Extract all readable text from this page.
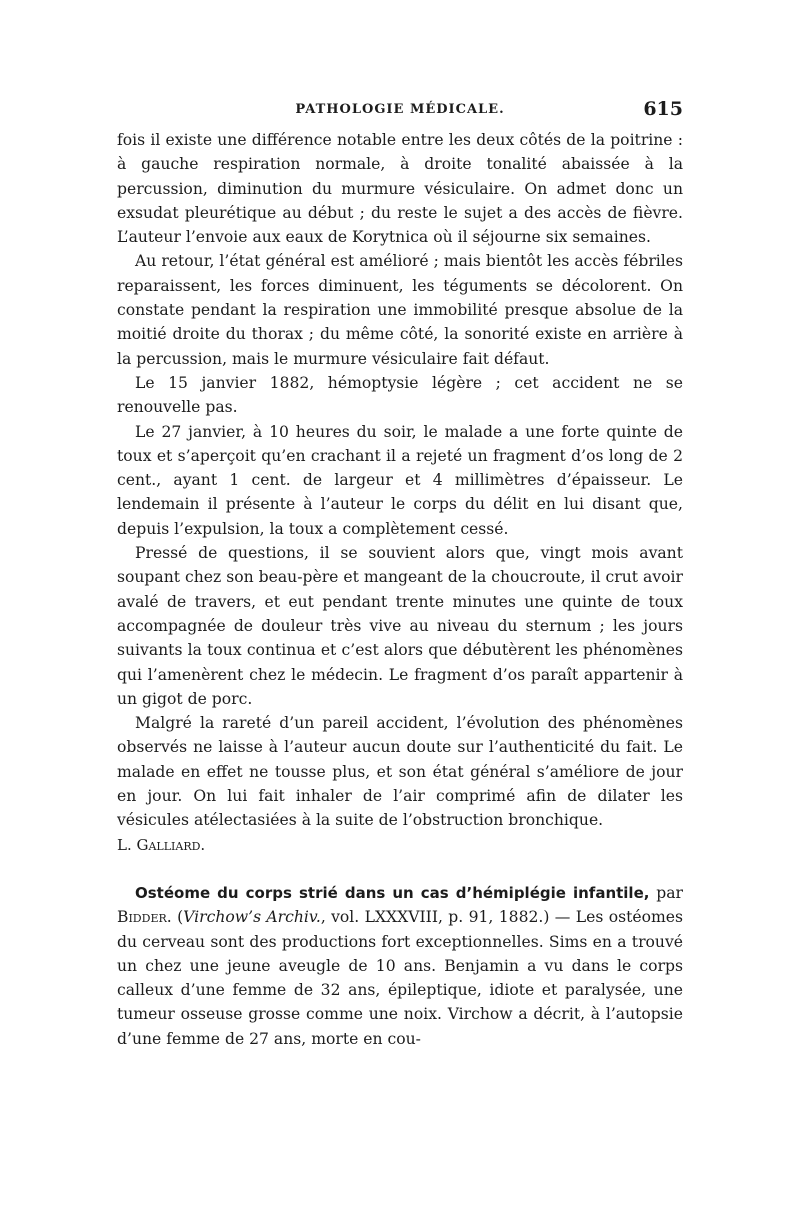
PATHOLOGIE MÉDICALE.	615

fois il existe une différence notable entre les deux côtés de la poitrine : à gauche respiration normale, à droite tonalité abaissée à la percussion, diminution du murmure vésiculaire. On admet donc un exsudat pleurétique au début ; du reste le sujet a des accès de fièvre. L’auteur l’envoie aux eaux de Korytnica où il séjourne six semaines.

Au retour, l’état général est amélioré ; mais bientôt les accès fébriles reparaissent, les forces diminuent, les téguments se décolorent. On constate pendant la respiration une immobilité presque absolue de la moitié droite du thorax ; du même côté, la sonorité existe en arrière à la percussion, mais le murmure vésiculaire fait défaut.

Le 15 janvier 1882, hémoptysie légère ; cet accident ne se renouvelle pas.

Le 27 janvier, à 10 heures du soir, le malade a une forte quinte de toux et s’aperçoit qu’en crachant il a rejeté un fragment d’os long de 2 cent., ayant 1 cent. de largeur et 4 millimètres d’épaisseur. Le lendemain il présente à l’auteur le corps du délit en lui disant que, depuis l’expulsion, la toux a complètement cessé.

Pressé de questions, il se souvient alors que, vingt mois avant soupant chez son beau-père et mangeant de la choucroute, il crut avoir avalé de travers, et eut pendant trente minutes une quinte de toux accompagnée de douleur très vive au niveau du sternum ; les jours suivants la toux continua et c’est alors que débutèrent les phénomènes qui l’amenèrent chez le médecin. Le fragment d’os paraît appartenir à un gigot de porc.

Malgré la rareté d’un pareil accident, l’évolution des phénomènes observés ne laisse à l’auteur aucun doute sur l’authenticité du fait. Le malade en effet ne tousse plus, et son état général s’améliore de jour en jour. On lui fait inhaler de l’air comprimé afin de dilater les vésicules atélectasiées à la suite de l’obstruction bronchique.

L. Galliard.

Ostéome du corps strié dans un cas d’hémiplégie infantile, par Bidder. (Virchow’s Archiv., vol. LXXXVIII, p. 91, 1882.) — Les ostéomes du cerveau sont des productions fort exceptionnelles. Sims en a trouvé un chez une jeune aveugle de 10 ans. Benjamin a vu dans le corps calleux d’une femme de 32 ans, épileptique, idiote et paralysée, une tumeur osseuse grosse comme une noix. Virchow a décrit, à l’autopsie d’une femme de 27 ans, morte en cou-
